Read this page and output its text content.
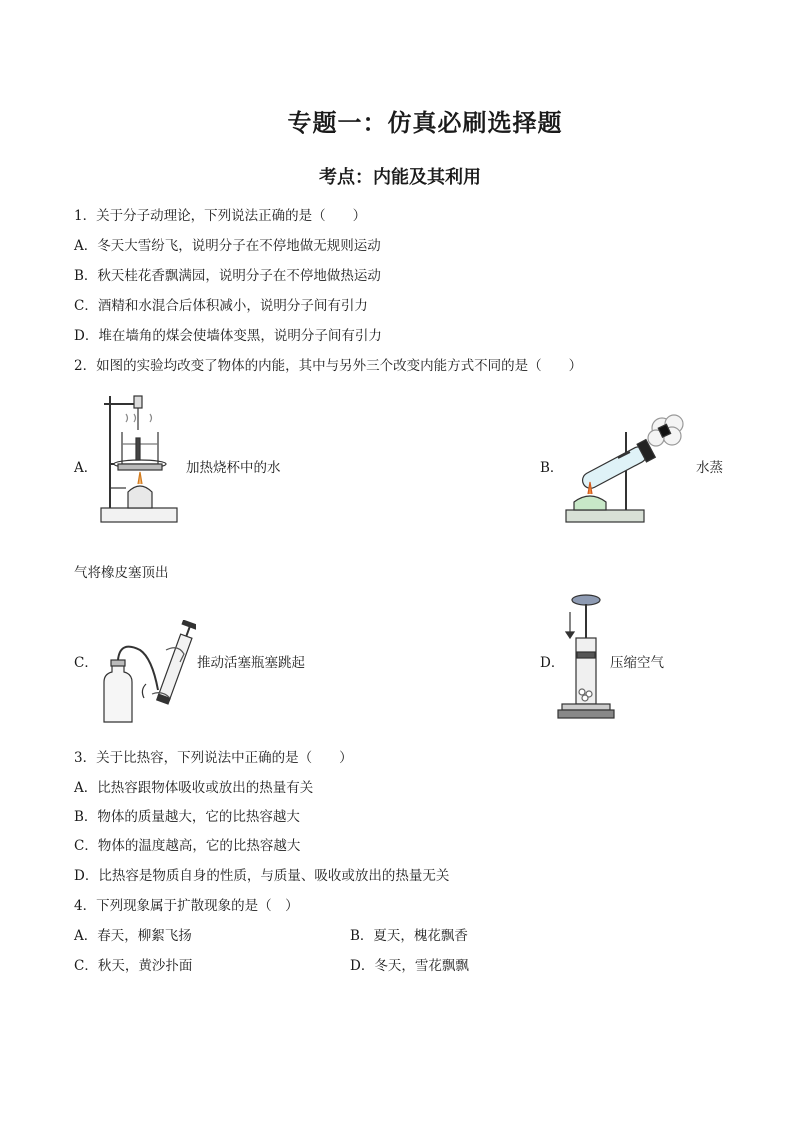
专题一：仿真必刷选择题
考点：内能及其利用
1．关于分子动理论，下列说法正确的是（　　）
A．冬天大雪纷飞，说明分子在不停地做无规则运动
B．秋天桂花香飘满园，说明分子在不停地做热运动
C．酒精和水混合后体积减小，说明分子间有引力
D．堆在墙角的煤会使墙体变黑，说明分子间有引力
2．如图的实验均改变了物体的内能，其中与另外三个改变内能方式不同的是（　　）
A．	加热烧杯中的水	B．	水蒸
气将橡皮塞顶出
C．	推动活塞瓶塞跳起	D．	压缩空气
3．关于比热容，下列说法中正确的是（　　）
A．比热容跟物体吸收或放出的热量有关
B．物体的质量越大，它的比热容越大
C．物体的温度越高，它的比热容越大
D．比热容是物质自身的性质，与质量、吸收或放出的热量无关
4．下列现象属于扩散现象的是（　）
A．春天，柳絮飞扬	B．夏天，槐花飘香
C．秋天，黄沙扑面	D．冬天，雪花飘飘
